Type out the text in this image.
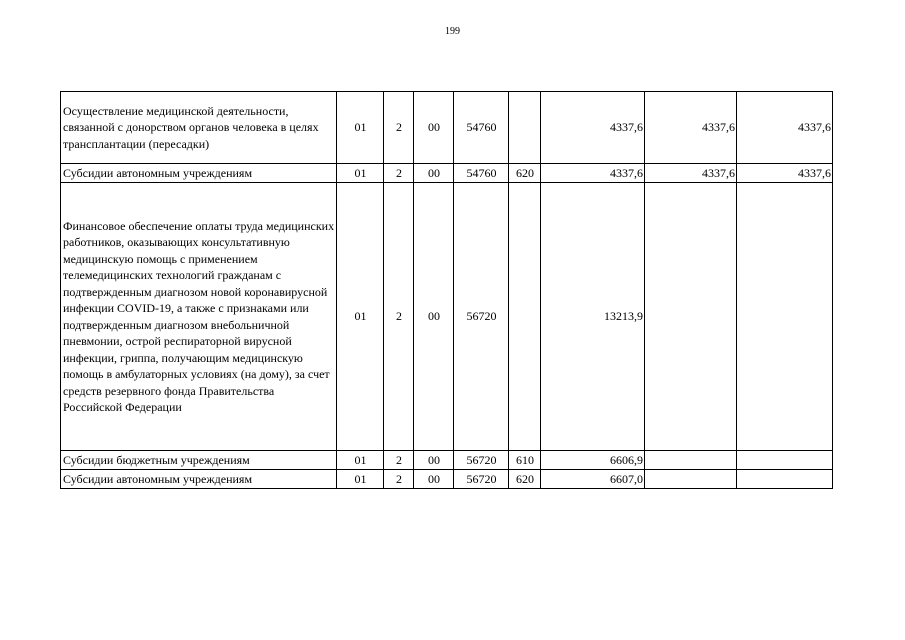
199
Осуществление медицинской деятельности, связанной с донорством органов человека в целях трансплантации (пересадки)	01	2	00	54760		4337,6	4337,6	4337,6
Субсидии автономным учреждениям	01	2	00	54760	620	4337,6	4337,6	4337,6
Финансовое обеспечение оплаты труда медицинских работников, оказывающих консультативную медицинскую помощь с применением телемедицинских технологий гражданам с подтвержденным диагнозом новой коронавирусной инфекции COVID-19, а также с признаками или подтвержденным диагнозом внебольничной пневмонии, острой респираторной вирусной инфекции, гриппа, получающим медицинскую помощь в амбулаторных условиях (на дому), за счет средств резервного фонда Правительства Российской Федерации	01	2	00	56720		13213,9		
Субсидии бюджетным учреждениям	01	2	00	56720	610	6606,9		
Субсидии автономным учреждениям	01	2	00	56720	620	6607,0		
